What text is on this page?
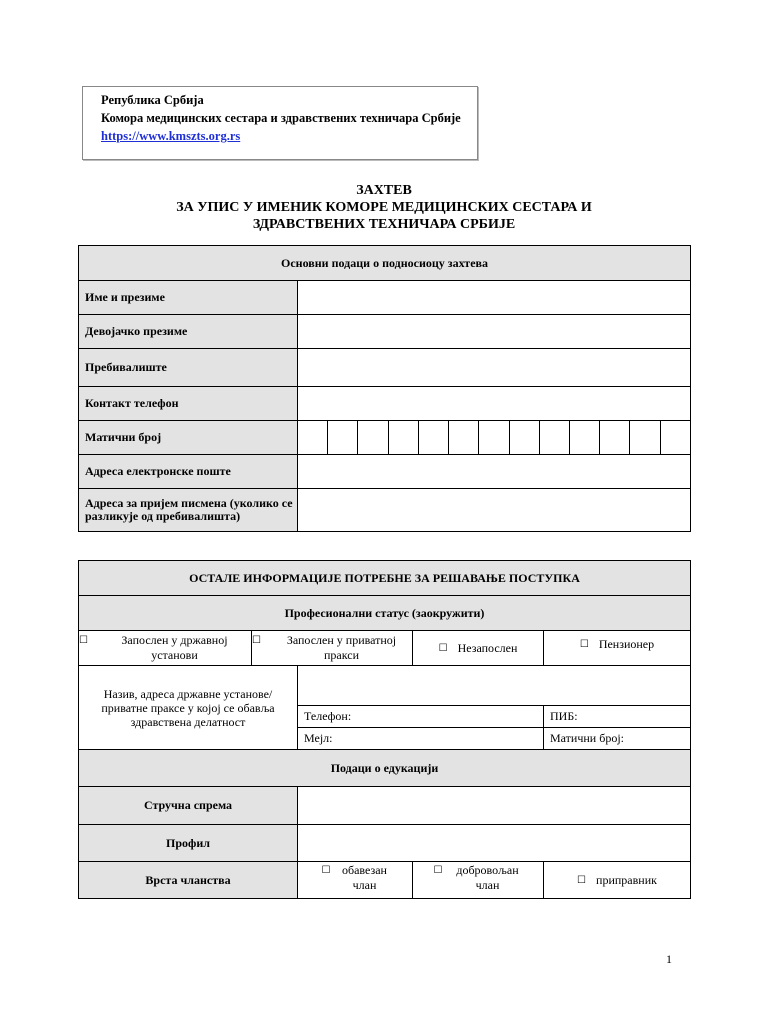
Република Србија
Комора медицинских сестара и здравствених техничара Србије
https://www.kmszts.org.rs
ЗАХТЕВ
ЗА УПИС У ИМЕНИК КОМОРЕ МЕДИЦИНСКИХ СЕСТАРА И
ЗДРАВСТВЕНИХ ТЕХНИЧАРА СРБИЈЕ
Основни подаци о подносиоцу захтева													
Име и презиме													
Девојачко презиме													
Пребивалиште													
Контакт телефон													
Матични број													
Адреса електронске поште													
Адреса за пријем писмена (уколико се разликује од пребивалишта)													
ОСТАЛЕ ИНФОРМАЦИЈЕ ПОТРЕБНЕ ЗА РЕШАВАЊЕ ПОСТУПКА				
Професионални статус (заокружити)				

☐ Запослен у државној установи	☐ Запослен у приватној пракси		☐ Незапослен	☐ Пензионер

Назив, адреса државне установе/приватне праксе у којој се обавља здравствена делатност				
		Телефон:		ПИБ:
		Мејл:		Матични број:
Подаци о едукацији				
Стручна спрема				
Профил				
Врста чланства		☐ обавезан члан	☐ добровољан члан	☐ приправник
1
